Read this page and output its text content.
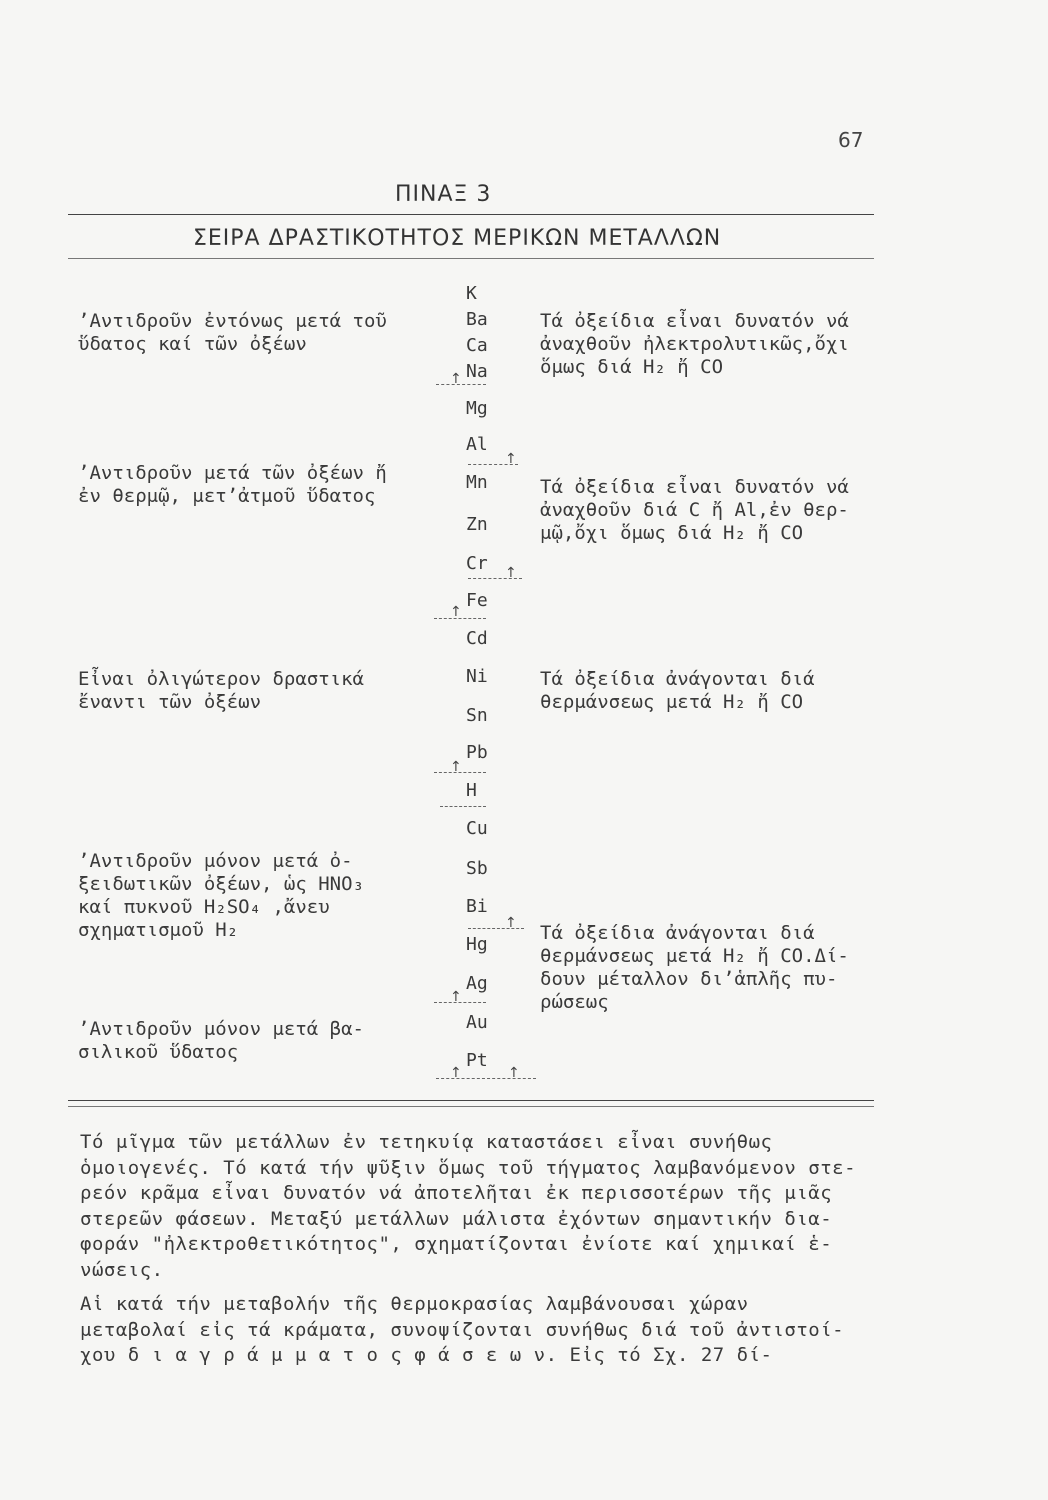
67
ΠΙΝΑΞ 3
ΣΕΙΡΑ ΔΡΑΣΤΙΚΟΤΗΤΟΣ ΜΕΡΙΚΩΝ ΜΕΤΑΛΛΩΝ
ʼΑντιδροῦν ἐντόνως μετά τοῦ
ὕδατος καί τῶν ὀξέων
ʼΑντιδροῦν μετά τῶν ὀξέων ἤ
ἐν θερμῷ, μετʼἀτμοῦ ὕδατος
Εἶναι ὀλιγώτερον δραστικά
ἔναντι τῶν ὀξέων
ʼΑντιδροῦν μόνον μετά ὀ-
ξειδωτικῶν ὀξέων, ὡς HNO₃
καί πυκνοῦ H₂SO₄ ,ἄνευ
σχηματισμοῦ H₂
ʼΑντιδροῦν μόνον μετά βα-
σιλικοῦ ὕδατος
K
Ba
Ca
Na
Mg
Al
Mn
Zn
Cr
Fe
Cd
Ni
Sn
Pb
H
Cu
Sb
Bi
Hg
Ag
Au
Pt
↑
↑
↑
↑
↑
↑
↑
↑	↑
Τά ὀξείδια εἶναι δυνατόν νά
ἀναχθοῦν ἠλεκτρολυτικῶς,ὄχι
ὅμως διά H₂ ἤ CO
Τά ὀξείδια εἶναι δυνατόν νά
ἀναχθοῦν διά C ἤ Al,ἐν θερ-
μῷ,ὄχι ὅμως διά H₂ ἤ CO
Τά ὀξείδια ἀνάγονται διά
θερμάνσεως μετά H₂ ἤ CO
Τά ὀξείδια ἀνάγονται διά
θερμάνσεως μετά H₂ ἤ CO.Δί-
δουν μέταλλον διʼἁπλῆς πυ-
ρώσεως
Τό μῖγμα τῶν μετάλλων ἐν τετηκυίᾳ καταστάσει εἶναι συνήθως
ὁμοιογενές. Τό κατά τήν ψῦξιν ὅμως τοῦ τήγματος λαμβανόμενον στε-
ρεόν κρᾶμα εἶναι δυνατόν νά ἀποτελῆται ἐκ περισσοτέρων τῆς μιᾶς
στερεῶν φάσεων. Μεταξύ μετάλλων μάλιστα ἐχόντων σημαντικήν δια-
φοράν "ἠλεκτροθετικότητος", σχηματίζονται ἐνίοτε καί χημικαί ἑ-
νώσεις.
Αἱ κατά τήν μεταβολήν τῆς θερμοκρασίας λαμβάνουσαι χώραν
μεταβολαί εἰς τά κράματα, συνοψίζονται συνήθως διά τοῦ ἀντιστοί-
χου δ ι α γ ρ ά μ μ α τ ο ς φ ά σ ε ω ν. Εἰς τό Σχ. 27 δί-
